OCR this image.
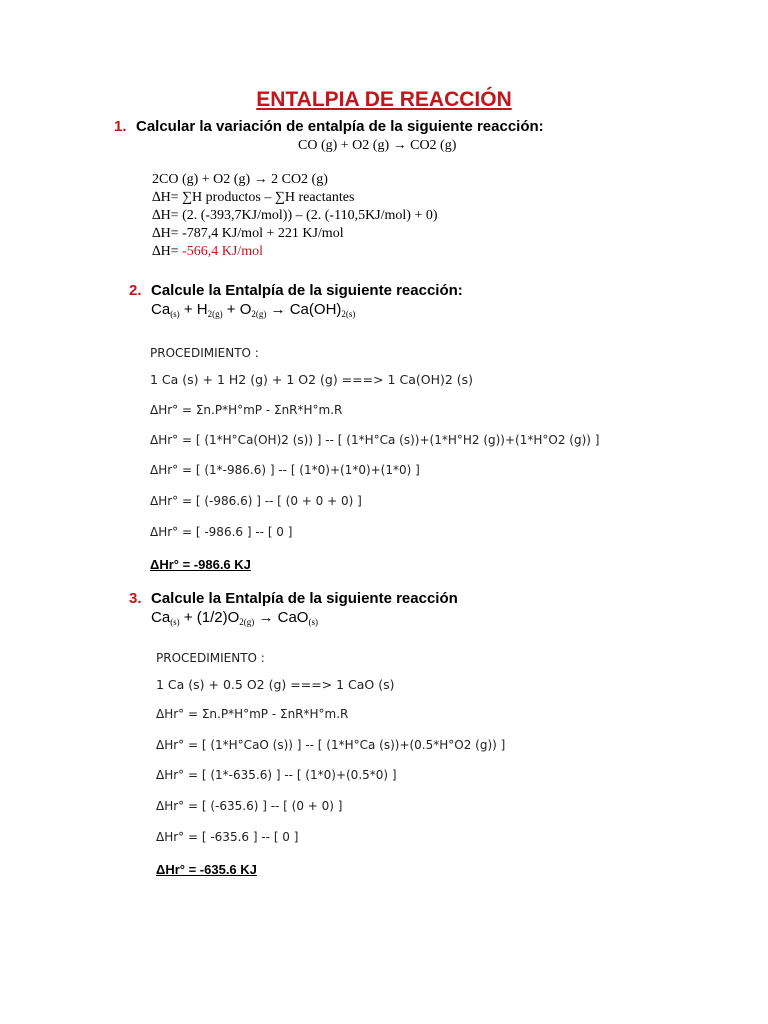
ENTALPIA DE REACCIÓN
1. Calcular la variación de entalpía de la siguiente reacción:
CO (g) + O2 (g) → CO2 (g)
2CO (g) + O2 (g) → 2 CO2 (g)
∆H= ∑H productos – ∑H reactantes
∆H= (2. (-393,7KJ/mol)) – (2. (-110,5KJ/mol) + 0)
∆H= -787,4 KJ/mol + 221 KJ/mol
∆H= -566,4 KJ/mol
2. Calcule la Entalpía de la siguiente reacción:
$Ca_{(s)} + H_{2(g)} + O_{2(g)} \to Ca(OH)_{2(s)}$
PROCEDIMIENTO :
1 Ca (s) + 1 H2 (g) + 1 O2 (g) ===> 1 Ca(OH)2 (s)
ΔHr° = Σn.P*H°mP - ΣnR*H°m.R
ΔHr° = [ (1*H°Ca(OH)2 (s)) ] -- [ (1*H°Ca (s))+(1*H°H2 (g))+(1*H°O2 (g)) ]
ΔHr° = [ (1*-986.6) ] -- [ (1*0)+(1*0)+(1*0) ]
ΔHr° = [ (-986.6) ] -- [ (0 + 0 + 0) ]
ΔHr° = [ -986.6 ] -- [ 0 ]
ΔHr° = -986.6 KJ
3. Calcule la Entalpía de la siguiente reacción
$Ca_{(s)} + (1/2)O_{2(g)} \to CaO_{(s)}$
PROCEDIMIENTO :
1 Ca (s) + 0.5 O2 (g) ===> 1 CaO (s)
ΔHr° = Σn.P*H°mP - ΣnR*H°m.R
ΔHr° = [ (1*H°CaO (s)) ] -- [ (1*H°Ca (s))+(0.5*H°O2 (g)) ]
ΔHr° = [ (1*-635.6) ] -- [ (1*0)+(0.5*0) ]
ΔHr° = [ (-635.6) ] -- [ (0 + 0) ]
ΔHr° = [ -635.6 ] -- [ 0 ]
ΔHr° = -635.6 KJ
